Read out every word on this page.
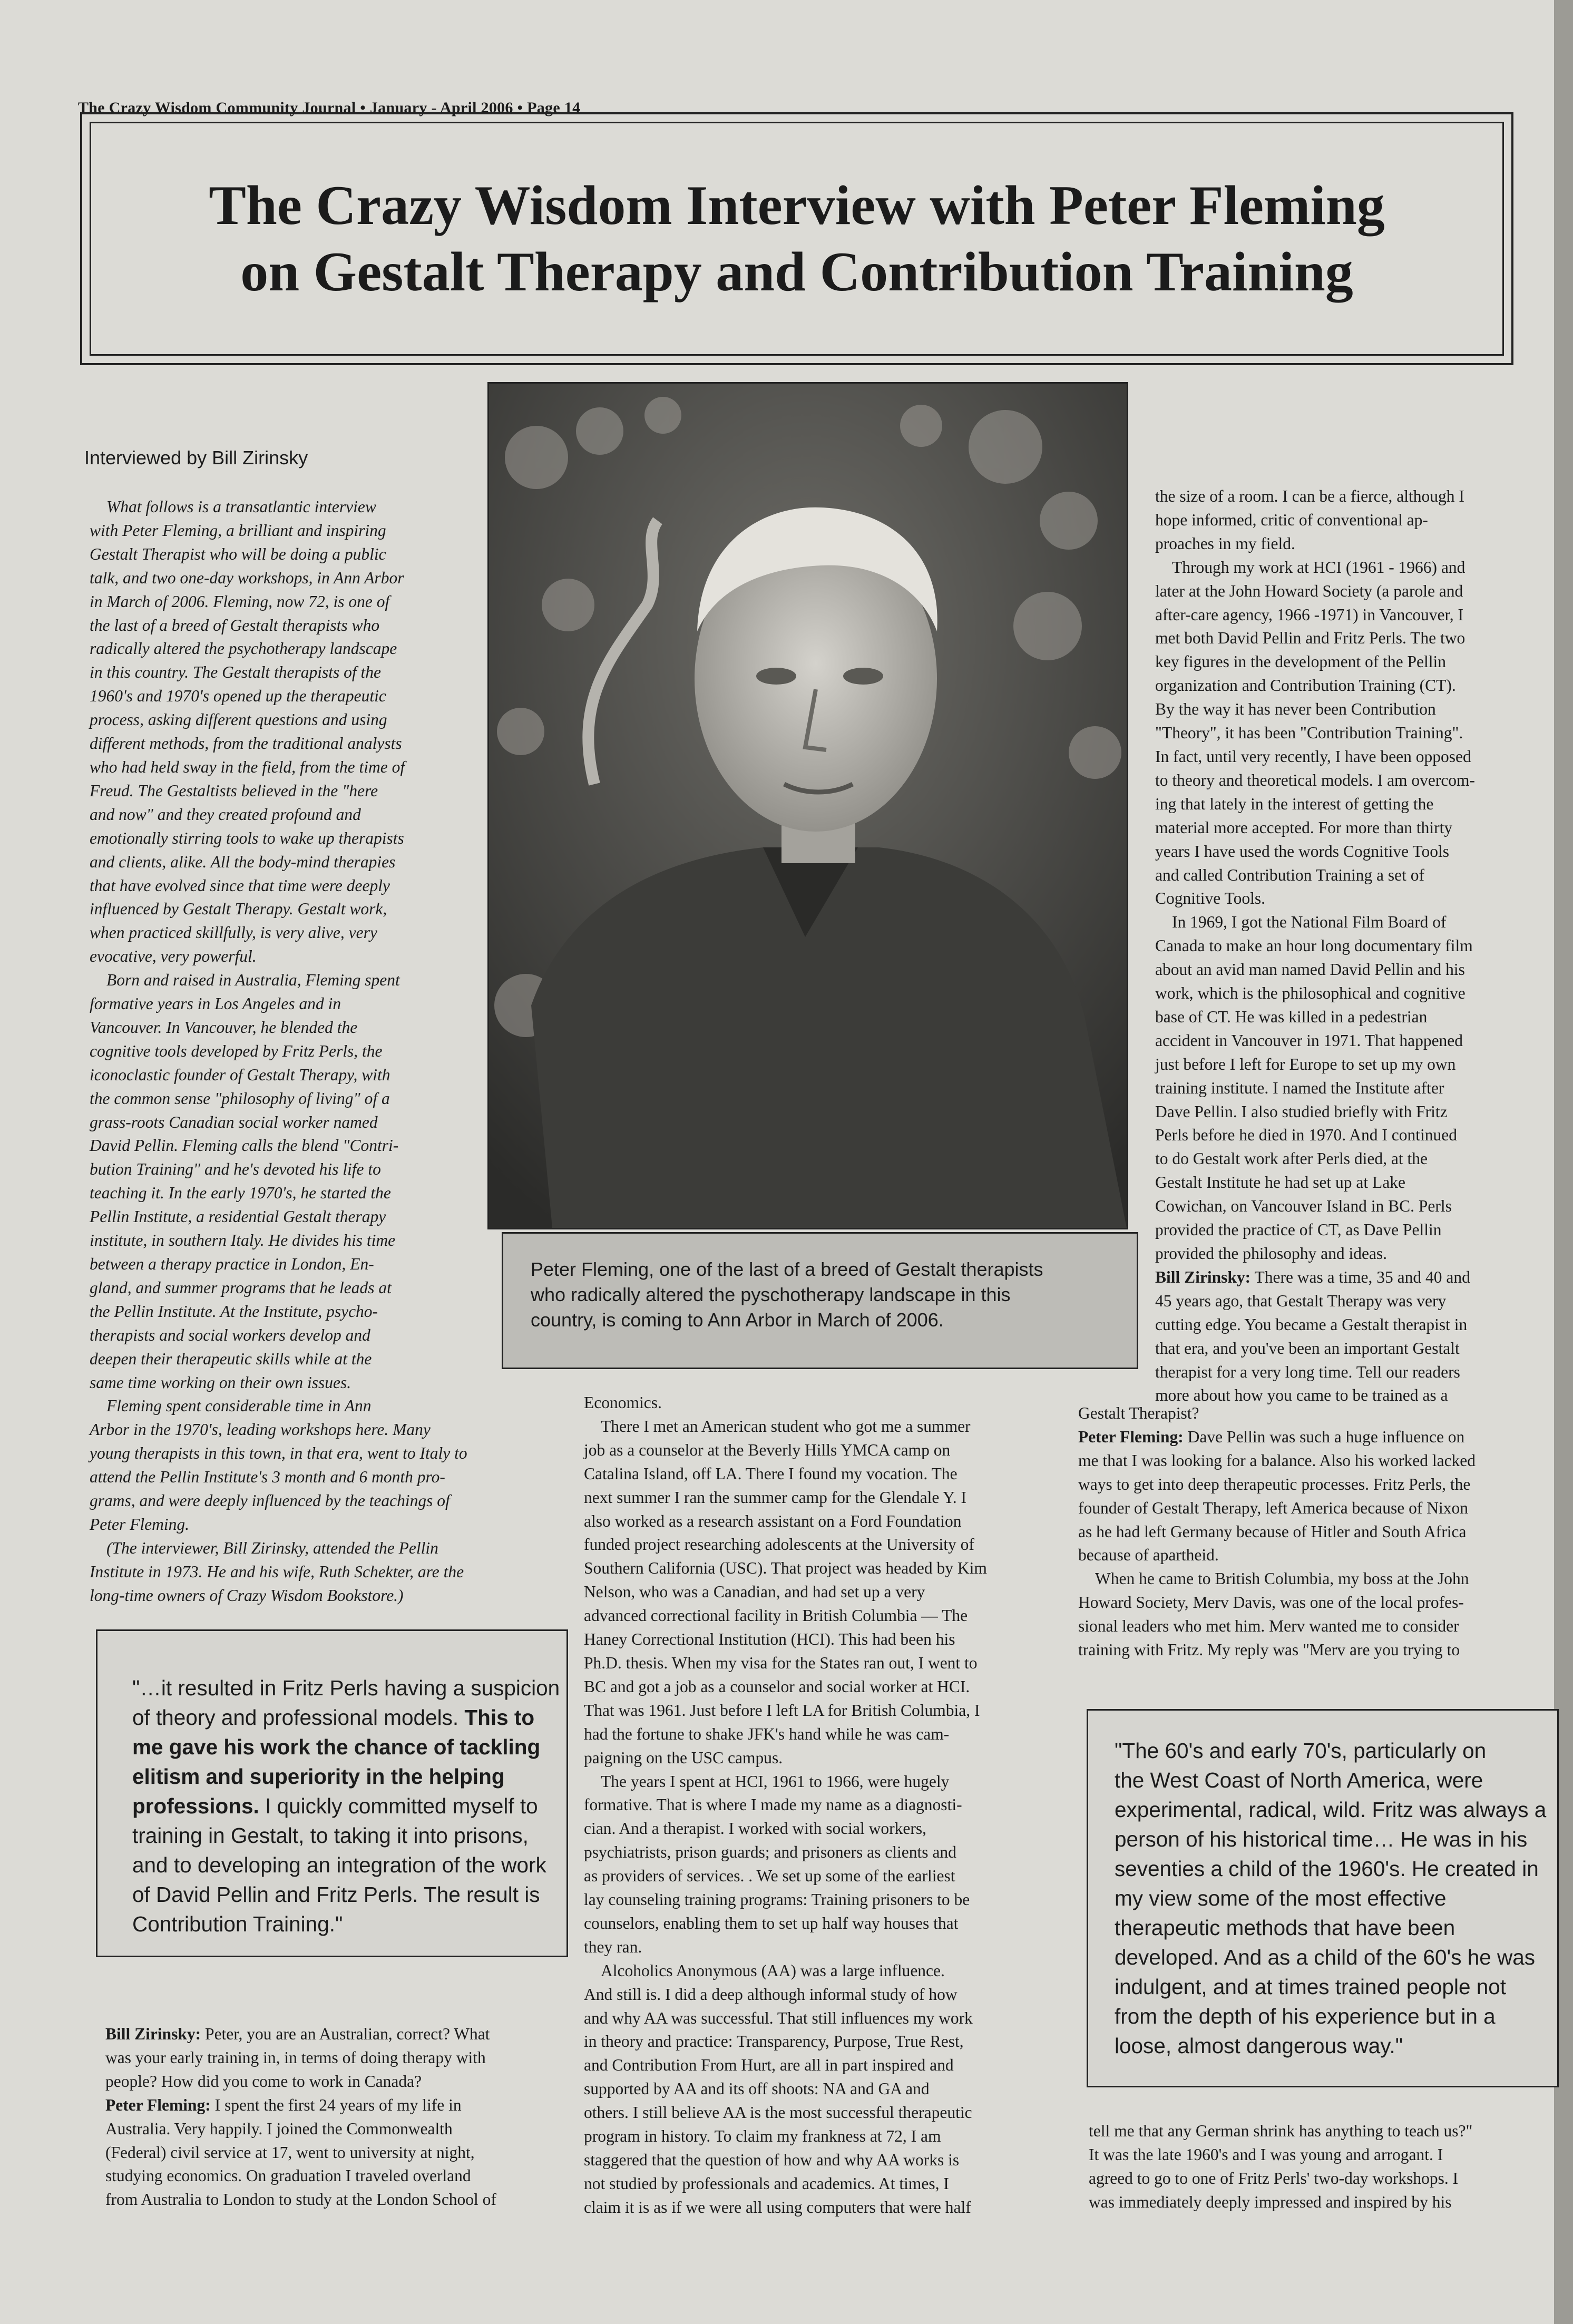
The Crazy Wisdom Community Journal • January - April 2006 • Page 14
The Crazy Wisdom Interview with Peter Fleming
on Gestalt Therapy and Contribution Training
Peter Fleming, one of the last of a breed of Gestalt therapists
who radically altered the pyschotherapy landscape in this
country, is coming to Ann Arbor in March of 2006.
Interviewed by Bill Zirinsky

What follows is a transatlantic interview

with Peter Fleming, a brilliant and inspiring

Gestalt Therapist who will be doing a public

talk, and two one-day workshops, in Ann Arbor

in March of 2006. Fleming, now 72, is one of

the last of a breed of Gestalt therapists who

radically altered the psychotherapy landscape

in this country. The Gestalt therapists of the

1960's and 1970's opened up the therapeutic

process, asking different questions and using

different methods, from the traditional analysts

who had held sway in the field, from the time of

Freud. The Gestaltists believed in the "here

and now" and they created profound and

emotionally stirring tools to wake up therapists

and clients, alike. All the body-mind therapies

that have evolved since that time were deeply

influenced by Gestalt Therapy. Gestalt work,

when practiced skillfully, is very alive, very

evocative, very powerful.

Born and raised in Australia, Fleming spent

formative years in Los Angeles and in

Vancouver. In Vancouver, he blended the

cognitive tools developed by Fritz Perls, the

iconoclastic founder of Gestalt Therapy, with

the common sense "philosophy of living" of a

grass-roots Canadian social worker named

David Pellin. Fleming calls the blend "Contri-

bution Training" and he's devoted his life to

teaching it. In the early 1970's, he started the

Pellin Institute, a residential Gestalt therapy

institute, in southern Italy. He divides his time

between a therapy practice in London, En-

gland, and summer programs that he leads at

the Pellin Institute. At the Institute, psycho-

therapists and social workers develop and

deepen their therapeutic skills while at the

same time working on their own issues.

Fleming spent considerable time in Ann

Arbor in the 1970's, leading workshops here. Many

young therapists in this town, in that era, went to Italy to

attend the Pellin Institute's 3 month and 6 month pro-

grams, and were deeply influenced by the teachings of

Peter Fleming.

(The interviewer, Bill Zirinsky, attended the Pellin

Institute in 1973. He and his wife, Ruth Schekter, are the

long-time owners of Crazy Wisdom Bookstore.)

"…it resulted in Fritz Perls having a suspicion
of theory and professional models. This to
me gave his work the chance of tackling
elitism and superiority in the helping
professions. I quickly committed myself to
training in Gestalt, to taking it into prisons,
and to developing an integration of the work
of David Pellin and Fritz Perls. The result is
Contribution Training."

Bill Zirinsky: Peter, you are an Australian, correct? What

was your early training in, in terms of doing therapy with

people? How did you come to work in Canada?

Peter Fleming: I spent the first 24 years of my life in

Australia. Very happily. I joined the Commonwealth

(Federal) civil service at 17, went to university at night,

studying economics. On graduation I traveled overland

from Australia to London to study at the London School of

Economics.

There I met an American student who got me a summer

job as a counselor at the Beverly Hills YMCA camp on

Catalina Island, off LA. There I found my vocation. The

next summer I ran the summer camp for the Glendale Y. I

also worked as a research assistant on a Ford Foundation

funded project researching adolescents at the University of

Southern California (USC). That project was headed by Kim

Nelson, who was a Canadian, and had set up a very

advanced correctional facility in British Columbia — The

Haney Correctional Institution (HCI). This had been his

Ph.D. thesis. When my visa for the States ran out, I went to

BC and got a job as a counselor and social worker at HCI.

That was 1961. Just before I left LA for British Columbia, I

had the fortune to shake JFK's hand while he was cam-

paigning on the USC campus.

The years I spent at HCI, 1961 to 1966, were hugely

formative. That is where I made my name as a diagnosti-

cian. And a therapist. I worked with social workers,

psychiatrists, prison guards; and prisoners as clients and

as providers of services. . We set up some of the earliest

lay counseling training programs: Training prisoners to be

counselors, enabling them to set up half way houses that

they ran.

Alcoholics Anonymous (AA) was a large influence.

And still is. I did a deep although informal study of how

and why AA was successful. That still influences my work

in theory and practice: Transparency, Purpose, True Rest,

and Contribution From Hurt, are all in part inspired and

supported by AA and its off shoots: NA and GA and

others. I still believe AA is the most successful therapeutic

program in history. To claim my frankness at 72, I am

staggered that the question of how and why AA works is

not studied by professionals and academics. At times, I

claim it is as if we were all using computers that were half

the size of a room. I can be a fierce, although I

hope informed, critic of conventional ap-

proaches in my field.

Through my work at HCI (1961 - 1966) and

later at the John Howard Society (a parole and

after-care agency, 1966 -1971) in Vancouver, I

met both David Pellin and Fritz Perls. The two

key figures in the development of the Pellin

organization and Contribution Training (CT).

By the way it has never been Contribution

"Theory", it has been "Contribution Training".

In fact, until very recently, I have been opposed

to theory and theoretical models. I am overcom-

ing that lately in the interest of getting the

material more accepted. For more than thirty

years I have used the words Cognitive Tools

and called Contribution Training a set of

Cognitive Tools.

In 1969, I got the National Film Board of

Canada to make an hour long documentary film

about an avid man named David Pellin and his

work, which is the philosophical and cognitive

base of CT. He was killed in a pedestrian

accident in Vancouver in 1971. That happened

just before I left for Europe to set up my own

training institute. I named the Institute after

Dave Pellin. I also studied briefly with Fritz

Perls before he died in 1970. And I continued

to do Gestalt work after Perls died, at the

Gestalt Institute he had set up at Lake

Cowichan, on Vancouver Island in BC. Perls

provided the practice of CT, as Dave Pellin

provided the philosophy and ideas.

Bill Zirinsky: There was a time, 35 and 40 and

45 years ago, that Gestalt Therapy was very

cutting edge. You became a Gestalt therapist in

that era, and you've been an important Gestalt

therapist for a very long time. Tell our readers

more about how you came to be trained as a

Gestalt Therapist?

Peter Fleming: Dave Pellin was such a huge influence on

me that I was looking for a balance. Also his worked lacked

ways to get into deep therapeutic processes. Fritz Perls, the

founder of Gestalt Therapy, left America because of Nixon

as he had left Germany because of Hitler and South Africa

because of apartheid.

When he came to British Columbia, my boss at the John

Howard Society, Merv Davis, was one of the local profes-

sional leaders who met him. Merv wanted me to consider

training with Fritz. My reply was "Merv are you trying to

"The 60's and early 70's, particularly on
the West Coast of North America, were
experimental, radical, wild. Fritz was always a
person of his historical time… He was in his
seventies a child of the 1960's. He created in
my view some of the most effective
therapeutic methods that have been
developed. And as a child of the 60's he was
indulgent, and at times trained people not
from the depth of his experience but in a
loose, almost dangerous way."

tell me that any German shrink has anything to teach us?"

It was the late 1960's and I was young and arrogant. I

agreed to go to one of Fritz Perls' two-day workshops. I

was immediately deeply impressed and inspired by his
